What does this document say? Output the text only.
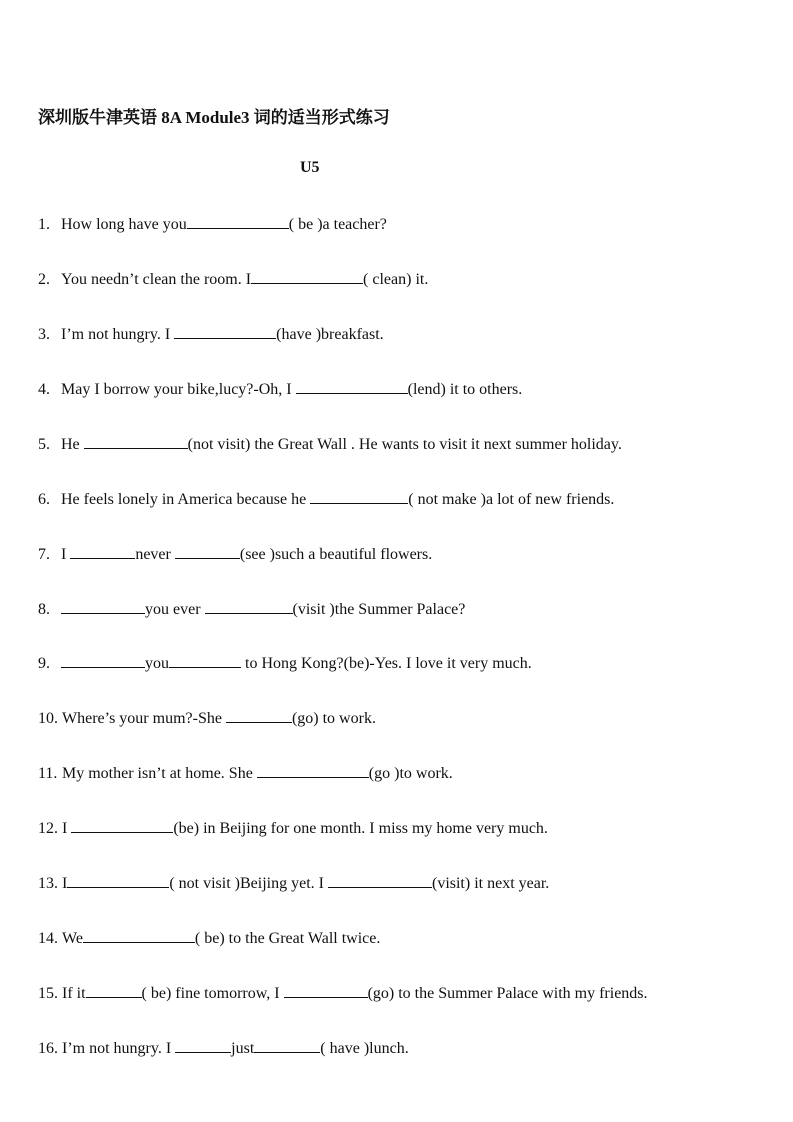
深圳版牛津英语 8A Module3 词的适当形式练习
U5
1. How long have you	( be )a teacher?
2. You needn’t clean the room. I	( clean) it.
3. I’m not hungry. I	(have )breakfast.
4. May I borrow your bike,lucy?-Oh, I	(lend) it to others.
5. He	(not visit) the Great Wall . He wants to visit it next summer holiday.
6. He feels lonely in America because he	( not make )a lot of new friends.
7. I	never	(see )such a beautiful flowers.
8.	you ever	(visit )the Summer Palace?
9.	you	to Hong Kong?(be)-Yes. I love it very much.
10. Where’s your mum?-She	(go) to work.
11. My mother isn’t at home. She	(go )to work.
12. I	(be) in Beijing for one month. I miss my home very much.
13. I	( not visit )Beijing yet. I	(visit) it next year.
14. We	( be) to the Great Wall twice.
15. If it	( be) fine tomorrow, I	(go) to the Summer Palace with my friends.
16. I’m not hungry. I	just	( have )lunch.
